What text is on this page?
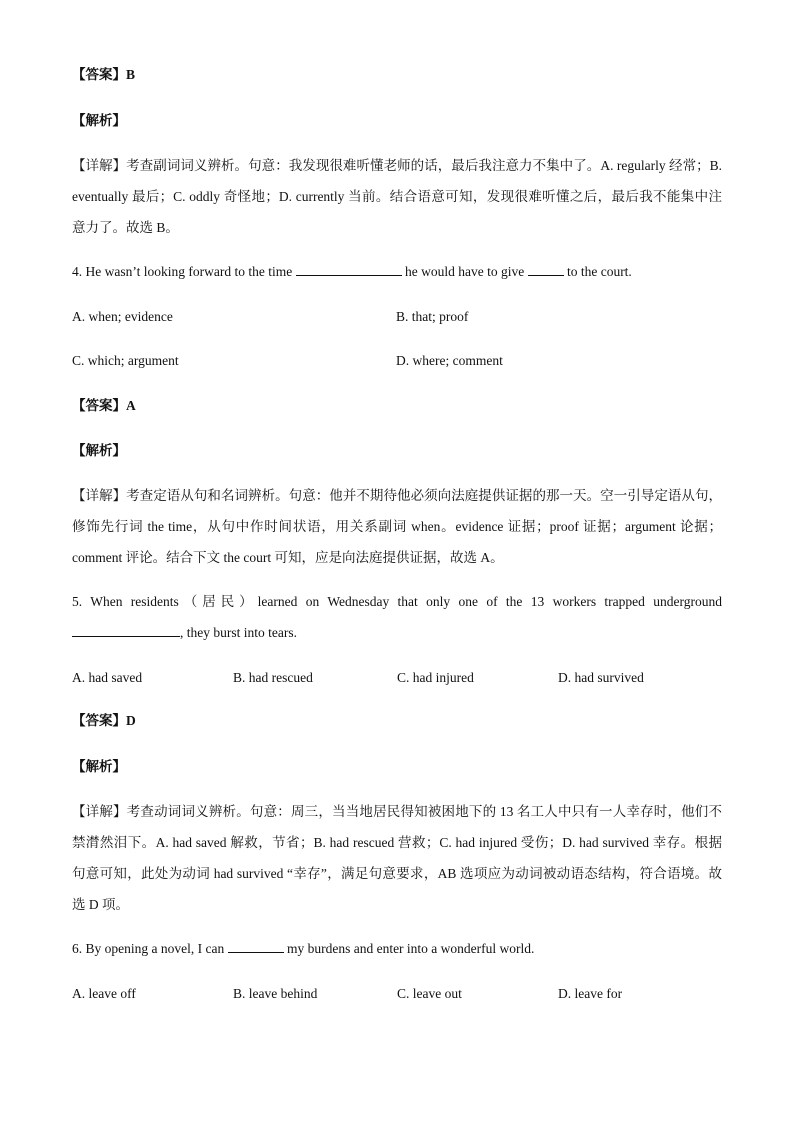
【答案】B
【解析】
【详解】考查副词词义辨析。句意：我发现很难听懂老师的话，最后我注意力不集中了。A. regularly 经常；B. eventually 最后；C. oddly 奇怪地；D. currently 当前。结合语意可知，发现很难听懂之后，最后我不能集中注意力了。故选 B。
4. He wasn’t looking forward to the time	he would have to give	to the court.
A. when; evidence	B. that; proof
C. which; argument	D. where; comment
【答案】A
【解析】
【详解】考查定语从句和名词辨析。句意：他并不期待他必须向法庭提供证据的那一天。空一引导定语从句，修饰先行词 the time，从句中作时间状语，用关系副词 when。evidence 证据；proof 证据；argument 论据；comment 评论。结合下文 the court 可知，应是向法庭提供证据，故选 A。
5. When residents（居民）learned on Wednesday that only one of the 13 workers trapped underground
, they burst into tears.
A. had saved	B. had rescued	C. had injured	D. had survived
【答案】D
【解析】
【详解】考查动词词义辨析。句意：周三，当当地居民得知被困地下的 13 名工人中只有一人幸存时，他们不禁潸然泪下。A. had saved 解救，节省；B. had rescued 营救；C. had injured 受伤；D. had survived 幸存。根据句意可知，此处为动词 had survived “幸存”，满足句意要求，AB 选项应为动词被动语态结构，符合语境。故选 D 项。
6. By opening a novel, I can	my burdens and enter into a wonderful world.
A. leave off	B. leave behind	C. leave out	D. leave for
